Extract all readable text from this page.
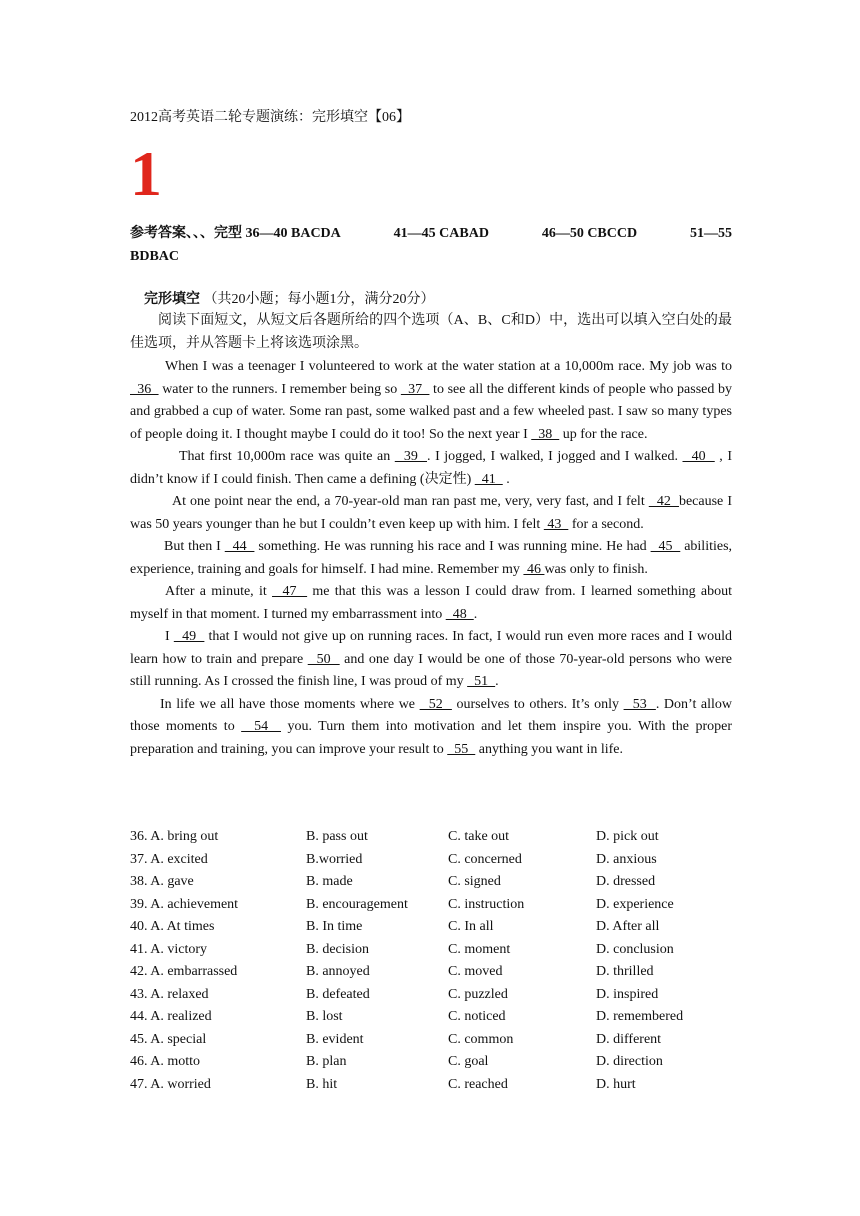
2012高考英语二轮专题演练：完形填空【06】
1
参考答案、、、完型 36—40 BACDA	41—45 CABAD	46—50 CBCCD	51—55
BDBAC
完形填空 （共20小题；每小题1分，满分20分）
阅读下面短文，从短文后各题所给的四个选项（A、B、C和D）中，选出可以填入空白处的最佳选项，并从答题卡上将该选项涂黑。

When I was a teenager I volunteered to work at the water station at a 10,000m race. My job was to   36   water to the runners. I remember being so   37   to see all the different kinds of people who passed by and grabbed a cup of water. Some ran past, some walked past and a few wheeled past. I saw so many types of people doing it. I thought maybe I could do it too! So the next year I   38   up for the race.

That first 10,000m race was quite an   39  . I jogged, I walked, I jogged and I walked.   40   , I didn’t know if I could finish. Then came a defining (决定性)   41   .

At one point near the end, a 70-year-old man ran past me, very, very fast, and I felt   42  because I was 50 years younger than he but I couldn’t even keep up with him. I felt  43   for a second.

But then I   44   something. He was running his race and I was running mine. He had   45   abilities, experience, training and goals for himself. I had mine. Remember my  46 was only to finish.

After a minute, it   47   me that this was a lesson I could draw from. I learned something about myself in that moment. I turned my embarrassment into   48  .

I   49   that I would not give up on running races. In fact, I would run even more races and I would learn how to train and prepare   50   and one day I would be one of those 70-year-old persons who were still running. As I crossed the finish line, I was proud of my   51  .

In life we all have those moments where we   52   ourselves to others. It’s only   53  . Don’t allow those moments to   54   you. Turn them into motivation and let them inspire you. With the proper preparation and training, you can improve your result to   55   anything you want in life.

36. A. bring out	B. pass out	C. take out	D. pick out
37. A. excited	B.worried	C. concerned	D. anxious
38. A. gave	B. made	C. signed	D. dressed
39. A. achievement	B. encouragement	C. instruction	D. experience
40. A. At times	B. In time	C. In all	D. After all
41. A. victory	B. decision	C. moment	D. conclusion
42. A. embarrassed	B. annoyed	C. moved	D. thrilled
43. A. relaxed	B. defeated	C. puzzled	D. inspired
44. A. realized	B. lost	C. noticed	D. remembered
45. A. special	B. evident	C. common	D. different
46. A. motto	B. plan	C. goal	D. direction
47. A. worried	B. hit	C. reached	D. hurt
